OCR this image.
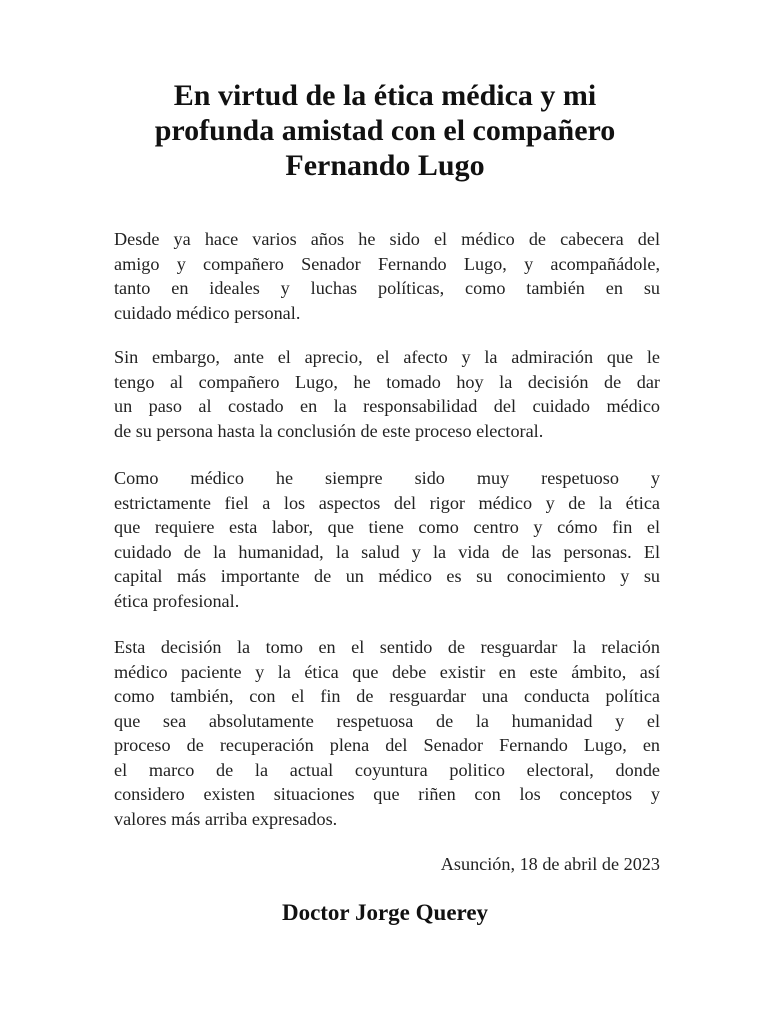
En virtud de la ética médica y mi
profunda amistad con el compañero
Fernando Lugo
Desde ya hace varios años he sido el médico de cabecera del
amigo y compañero Senador Fernando Lugo, y acompañádole,
tanto en ideales y luchas políticas, como también en su
cuidado médico personal.
Sin embargo, ante el aprecio, el afecto y la admiración que le
tengo al compañero Lugo, he tomado hoy la decisión de dar
un paso al costado en la responsabilidad del cuidado médico
de su persona hasta la conclusión de este proceso electoral.
Como médico he siempre sido muy respetuoso y
estrictamente fiel a los aspectos del rigor médico y de la ética
que requiere esta labor, que tiene como centro y cómo fin el
cuidado de la humanidad, la salud y la vida de las personas. El
capital más importante de un médico es su conocimiento y su
ética profesional.
Esta decisión la tomo en el sentido de resguardar la relación
médico paciente y la ética que debe existir en este ámbito, así
como también, con el fin de resguardar una conducta política
que sea absolutamente respetuosa de la humanidad y el
proceso de recuperación plena del Senador Fernando Lugo, en
el marco de la actual coyuntura politico electoral, donde
considero existen situaciones que riñen con los conceptos y
valores más arriba expresados.
Asunción, 18 de abril de 2023
Doctor Jorge Querey
